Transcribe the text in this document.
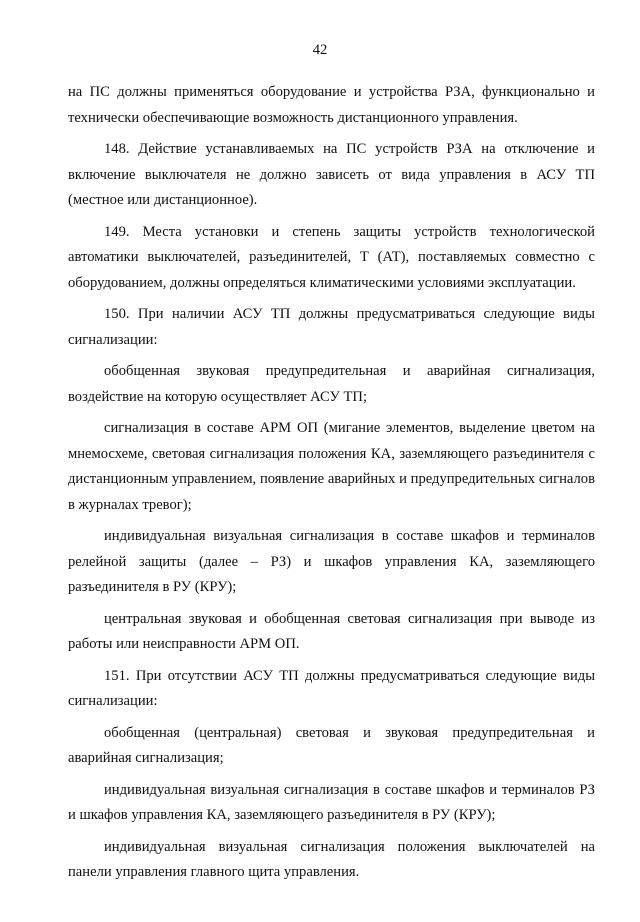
42

на ПС должны применяться оборудование и устройства РЗА, функционально и технически обеспечивающие возможность дистанционного управления.

148. Действие устанавливаемых на ПС устройств РЗА на отключение и включение выключателя не должно зависеть от вида управления в АСУ ТП (местное или дистанционное).

149. Места установки и степень защиты устройств технологической автоматики выключателей, разъединителей, Т (АТ), поставляемых совместно с оборудованием, должны определяться климатическими условиями эксплуатации.

150. При наличии АСУ ТП должны предусматриваться следующие виды сигнализации:

обобщенная звуковая предупредительная и аварийная сигнализация, воздействие на которую осуществляет АСУ ТП;

сигнализация в составе АРМ ОП (мигание элементов, выделение цветом на мнемосхеме, световая сигнализация положения КА, заземляющего разъединителя с дистанционным управлением, появление аварийных и предупредительных сигналов в журналах тревог);

индивидуальная визуальная сигнализация в составе шкафов и терминалов релейной защиты (далее – РЗ) и шкафов управления КА, заземляющего разъединителя в РУ (КРУ);

центральная звуковая и обобщенная световая сигнализация при выводе из работы или неисправности АРМ ОП.

151. При отсутствии АСУ ТП должны предусматриваться следующие виды сигнализации:

обобщенная (центральная) световая и звуковая предупредительная и аварийная сигнализация;

индивидуальная визуальная сигнализация в составе шкафов и терминалов РЗ и шкафов управления КА, заземляющего разъединителя в РУ (КРУ);

индивидуальная визуальная сигнализация положения выключателей на панели управления главного щита управления.
